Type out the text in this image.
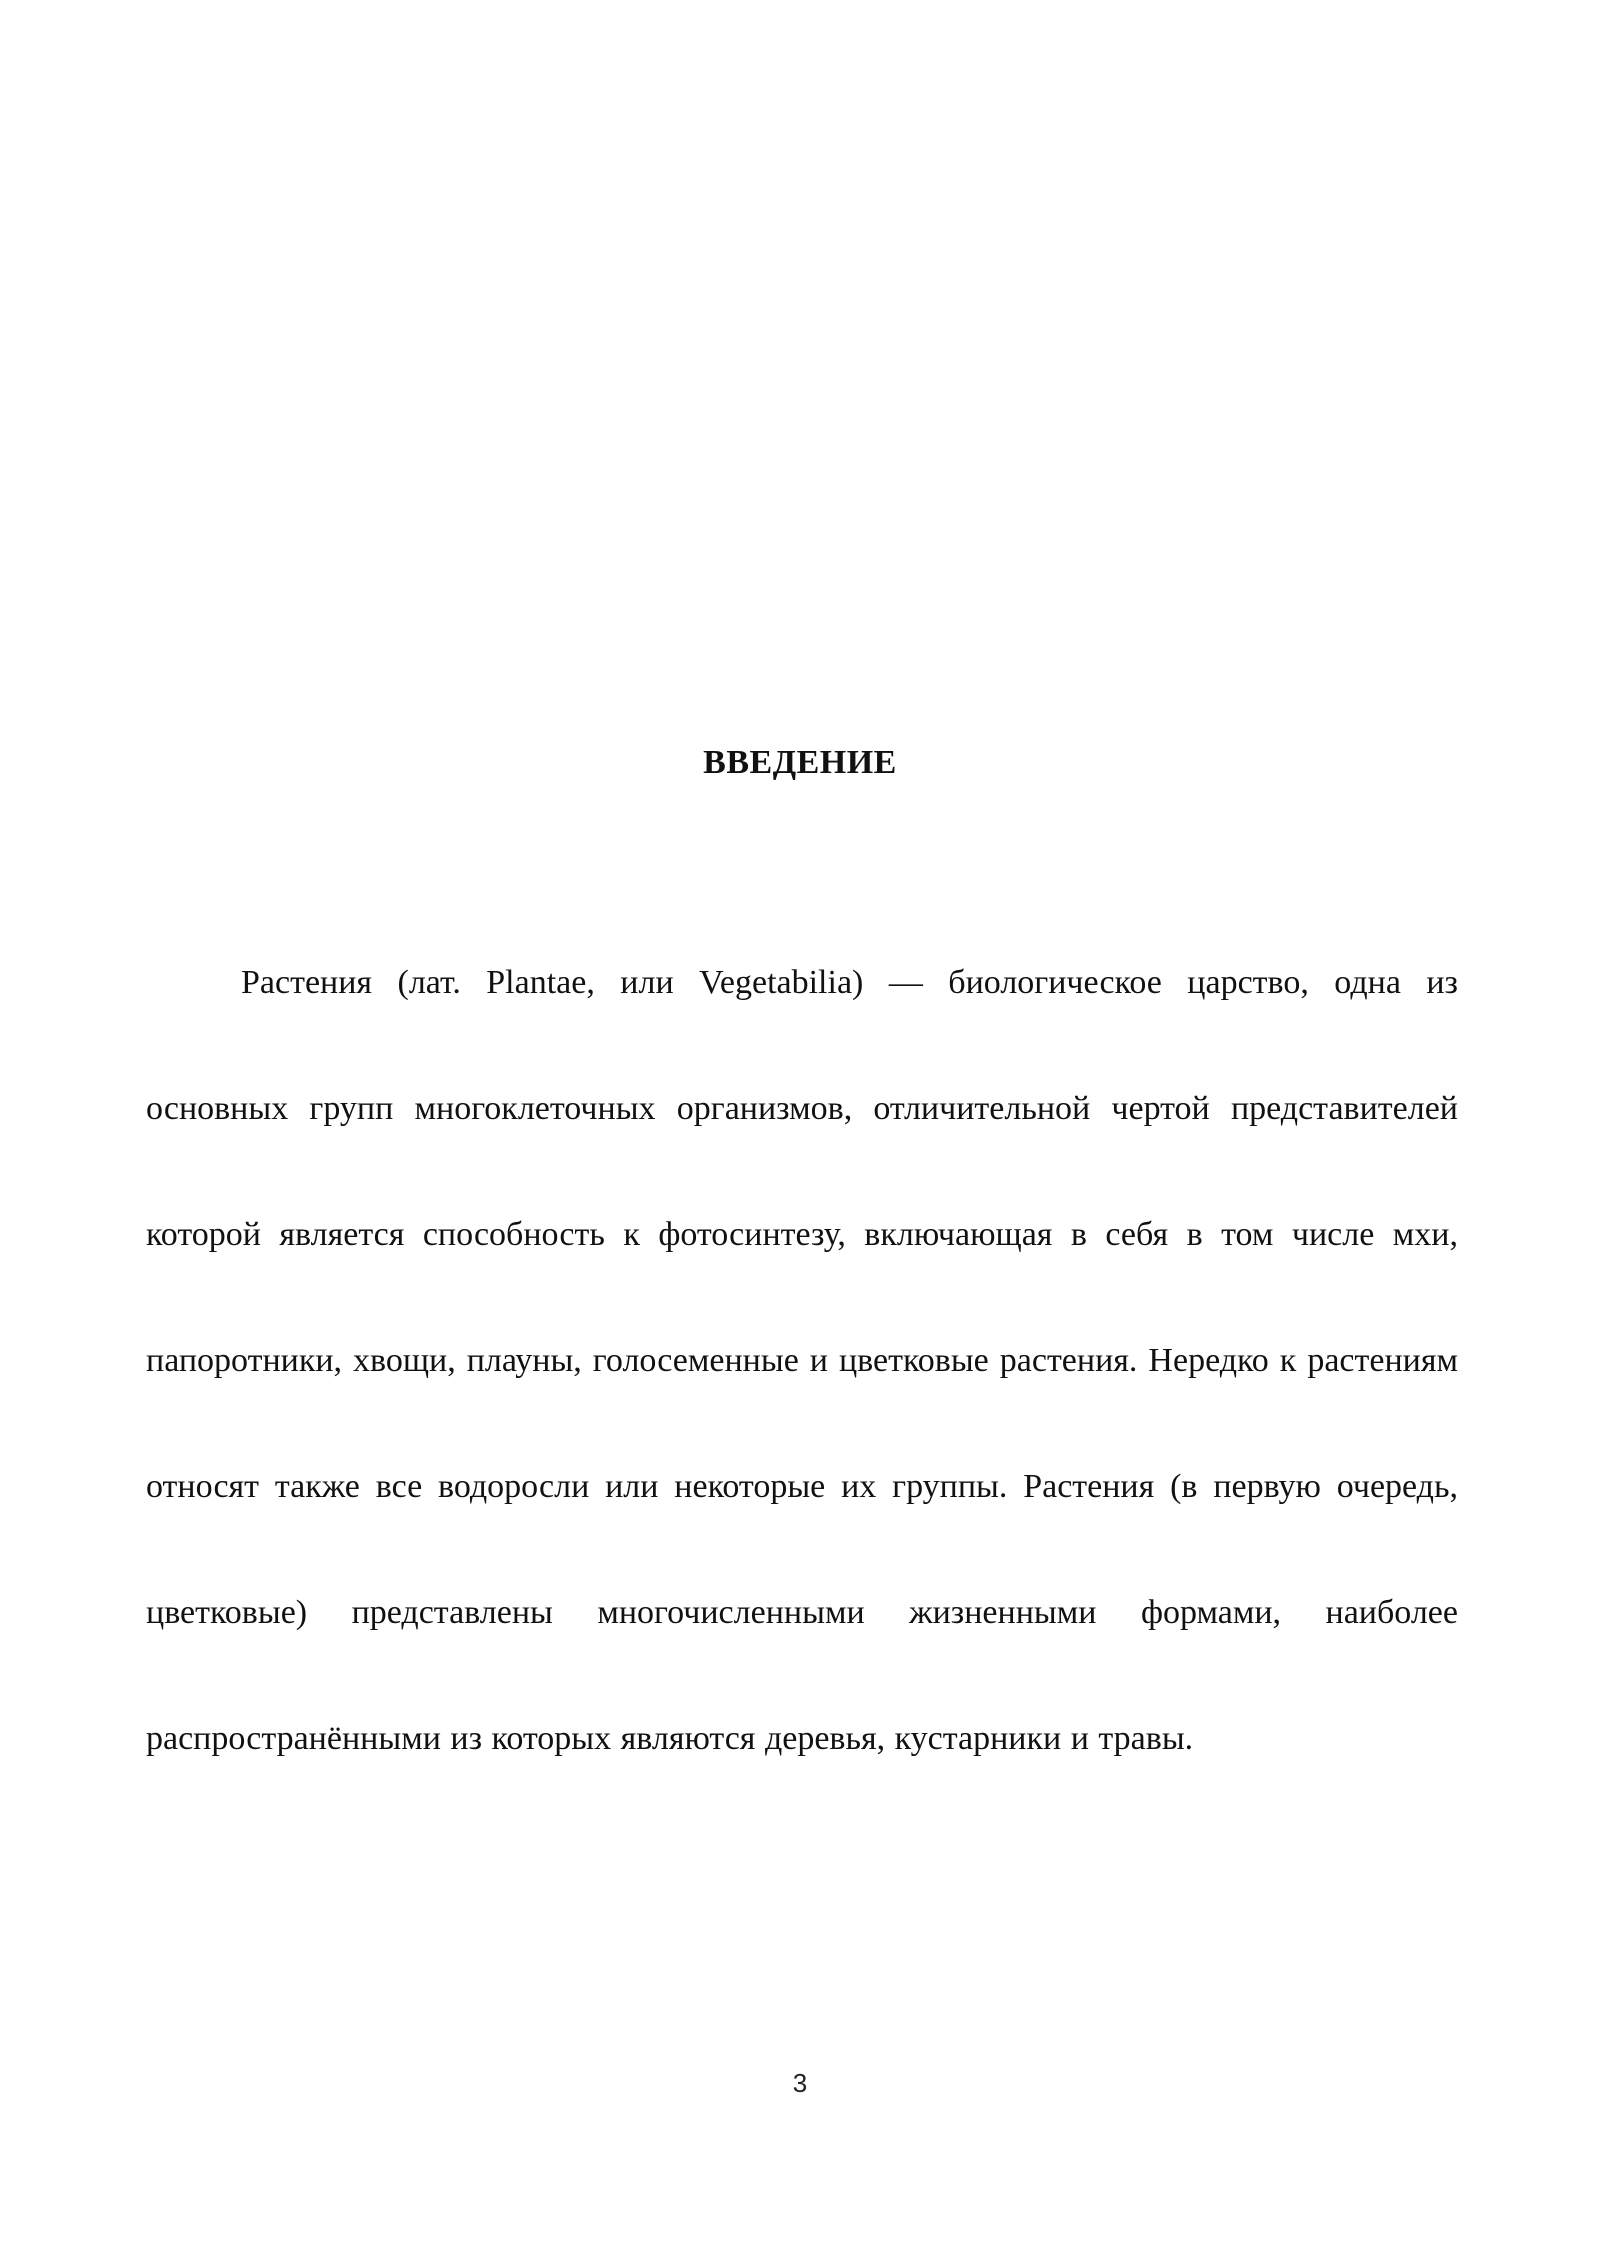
ВВЕДЕНИЕ

Растения (лат. Plantae, или Vegetabilia) — биологическое царство, одна из основных групп многоклеточных организмов, отличительной чертой представителей которой является способность к фотосинтезу, включающая в себя в том числе мхи, папоротники, хвощи, плауны, голосеменные и цветковые растения. Нередко к растениям относят также все водоросли или некоторые их группы. Растения (в первую очередь, цветковые) представлены многочисленными жизненными формами, наиболее распространёнными из которых являются деревья, кустарники и травы.

3
